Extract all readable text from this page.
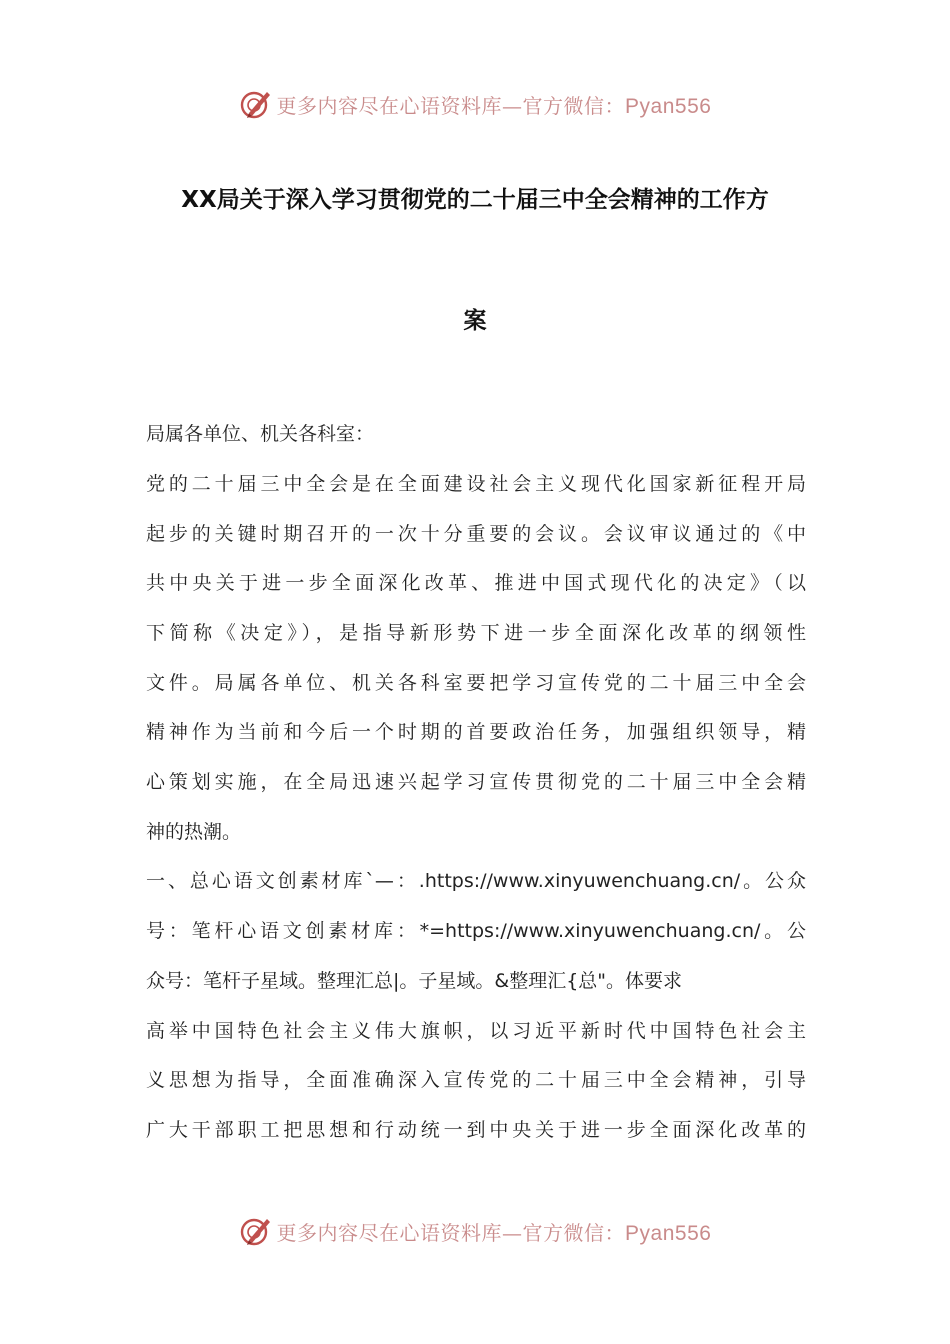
更多内容尽在心语资料库—官方微信：Pyan556
XX局关于深入学习贯彻党的二十届三中全会精神的工作方
案
局属各单位、机关各科室：
党的二十届三中全会是在全面建设社会主义现代化国家新征程开局
起步的关键时期召开的一次十分重要的会议。会议审议通过的《中
共中央关于进一步全面深化改革、推进中国式现代化的决定》（以
下简称《决定》），是指导新形势下进一步全面深化改革的纲领性
文件。局属各单位、机关各科室要把学习宣传党的二十届三中全会
精神作为当前和今后一个时期的首要政治任务，加强组织领导，精
心策划实施，在全局迅速兴起学习宣传贯彻党的二十届三中全会精
神的热潮。
一、总心语文创素材库`—：.https://www.xinyuwenchuang.cn/。公众
号：笔杆心语文创素材库：*=https://www.xinyuwenchuang.cn/。公
众号：笔杆子星域。整理汇总|。子星域。&整理汇{总"。体要求
高举中国特色社会主义伟大旗帜，以习近平新时代中国特色社会主
义思想为指导，全面准确深入宣传党的二十届三中全会精神，引导
广大干部职工把思想和行动统一到中央关于进一步全面深化改革的
更多内容尽在心语资料库—官方微信：Pyan556
